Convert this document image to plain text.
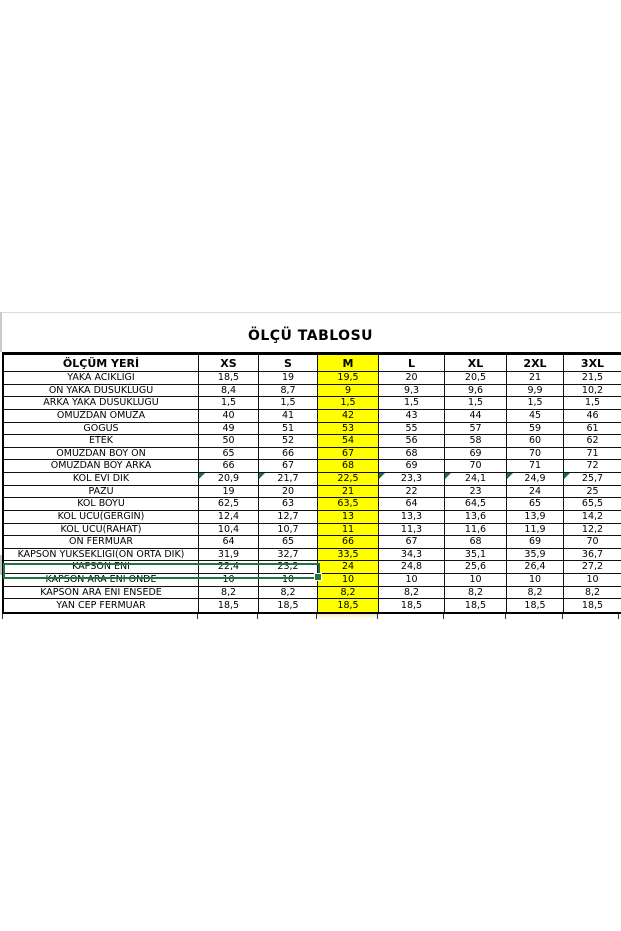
ÖLÇÜ TABLOSU
ÖLÇÜM YERİ	XS	S	M	L	XL	2XL	3XL
YAKA ACIKLIGI	18,5	19	19,5	20	20,5	21	21,5
ON YAKA DUSUKLUGU	8,4	8,7	9	9,3	9,6	9,9	10,2
ARKA YAKA DUSUKLUGU	1,5	1,5	1,5	1,5	1,5	1,5	1,5
OMUZDAN OMUZA	40	41	42	43	44	45	46
GOGUS	49	51	53	55	57	59	61
ETEK	50	52	54	56	58	60	62
OMUZDAN BOY ON	65	66	67	68	69	70	71
OMUZDAN BOY ARKA	66	67	68	69	70	71	72
KOL EVI DIK	20,9	21,7	22,5	23,3	24,1	24,9	25,7
PAZU	19	20	21	22	23	24	25
KOL BOYU	62,5	63	63,5	64	64,5	65	65,5
KOL UCU(GERGIN)	12,4	12,7	13	13,3	13,6	13,9	14,2
KOL UCU(RAHAT)	10,4	10,7	11	11,3	11,6	11,9	12,2
ON FERMUAR	64	65	66	67	68	69	70
KAPSON YUKSEKLIGI(ON ORTA DIK)	31,9	32,7	33,5	34,3	35,1	35,9	36,7
KAPSON ENI	22,4	23,2	24	24,8	25,6	26,4	27,2
KAPSON ARA ENI ONDE	10	10	10	10	10	10	10
KAPSON ARA ENI ENSEDE	8,2	8,2	8,2	8,2	8,2	8,2	8,2
YAN CEP FERMUAR	18,5	18,5	18,5	18,5	18,5	18,5	18,5
